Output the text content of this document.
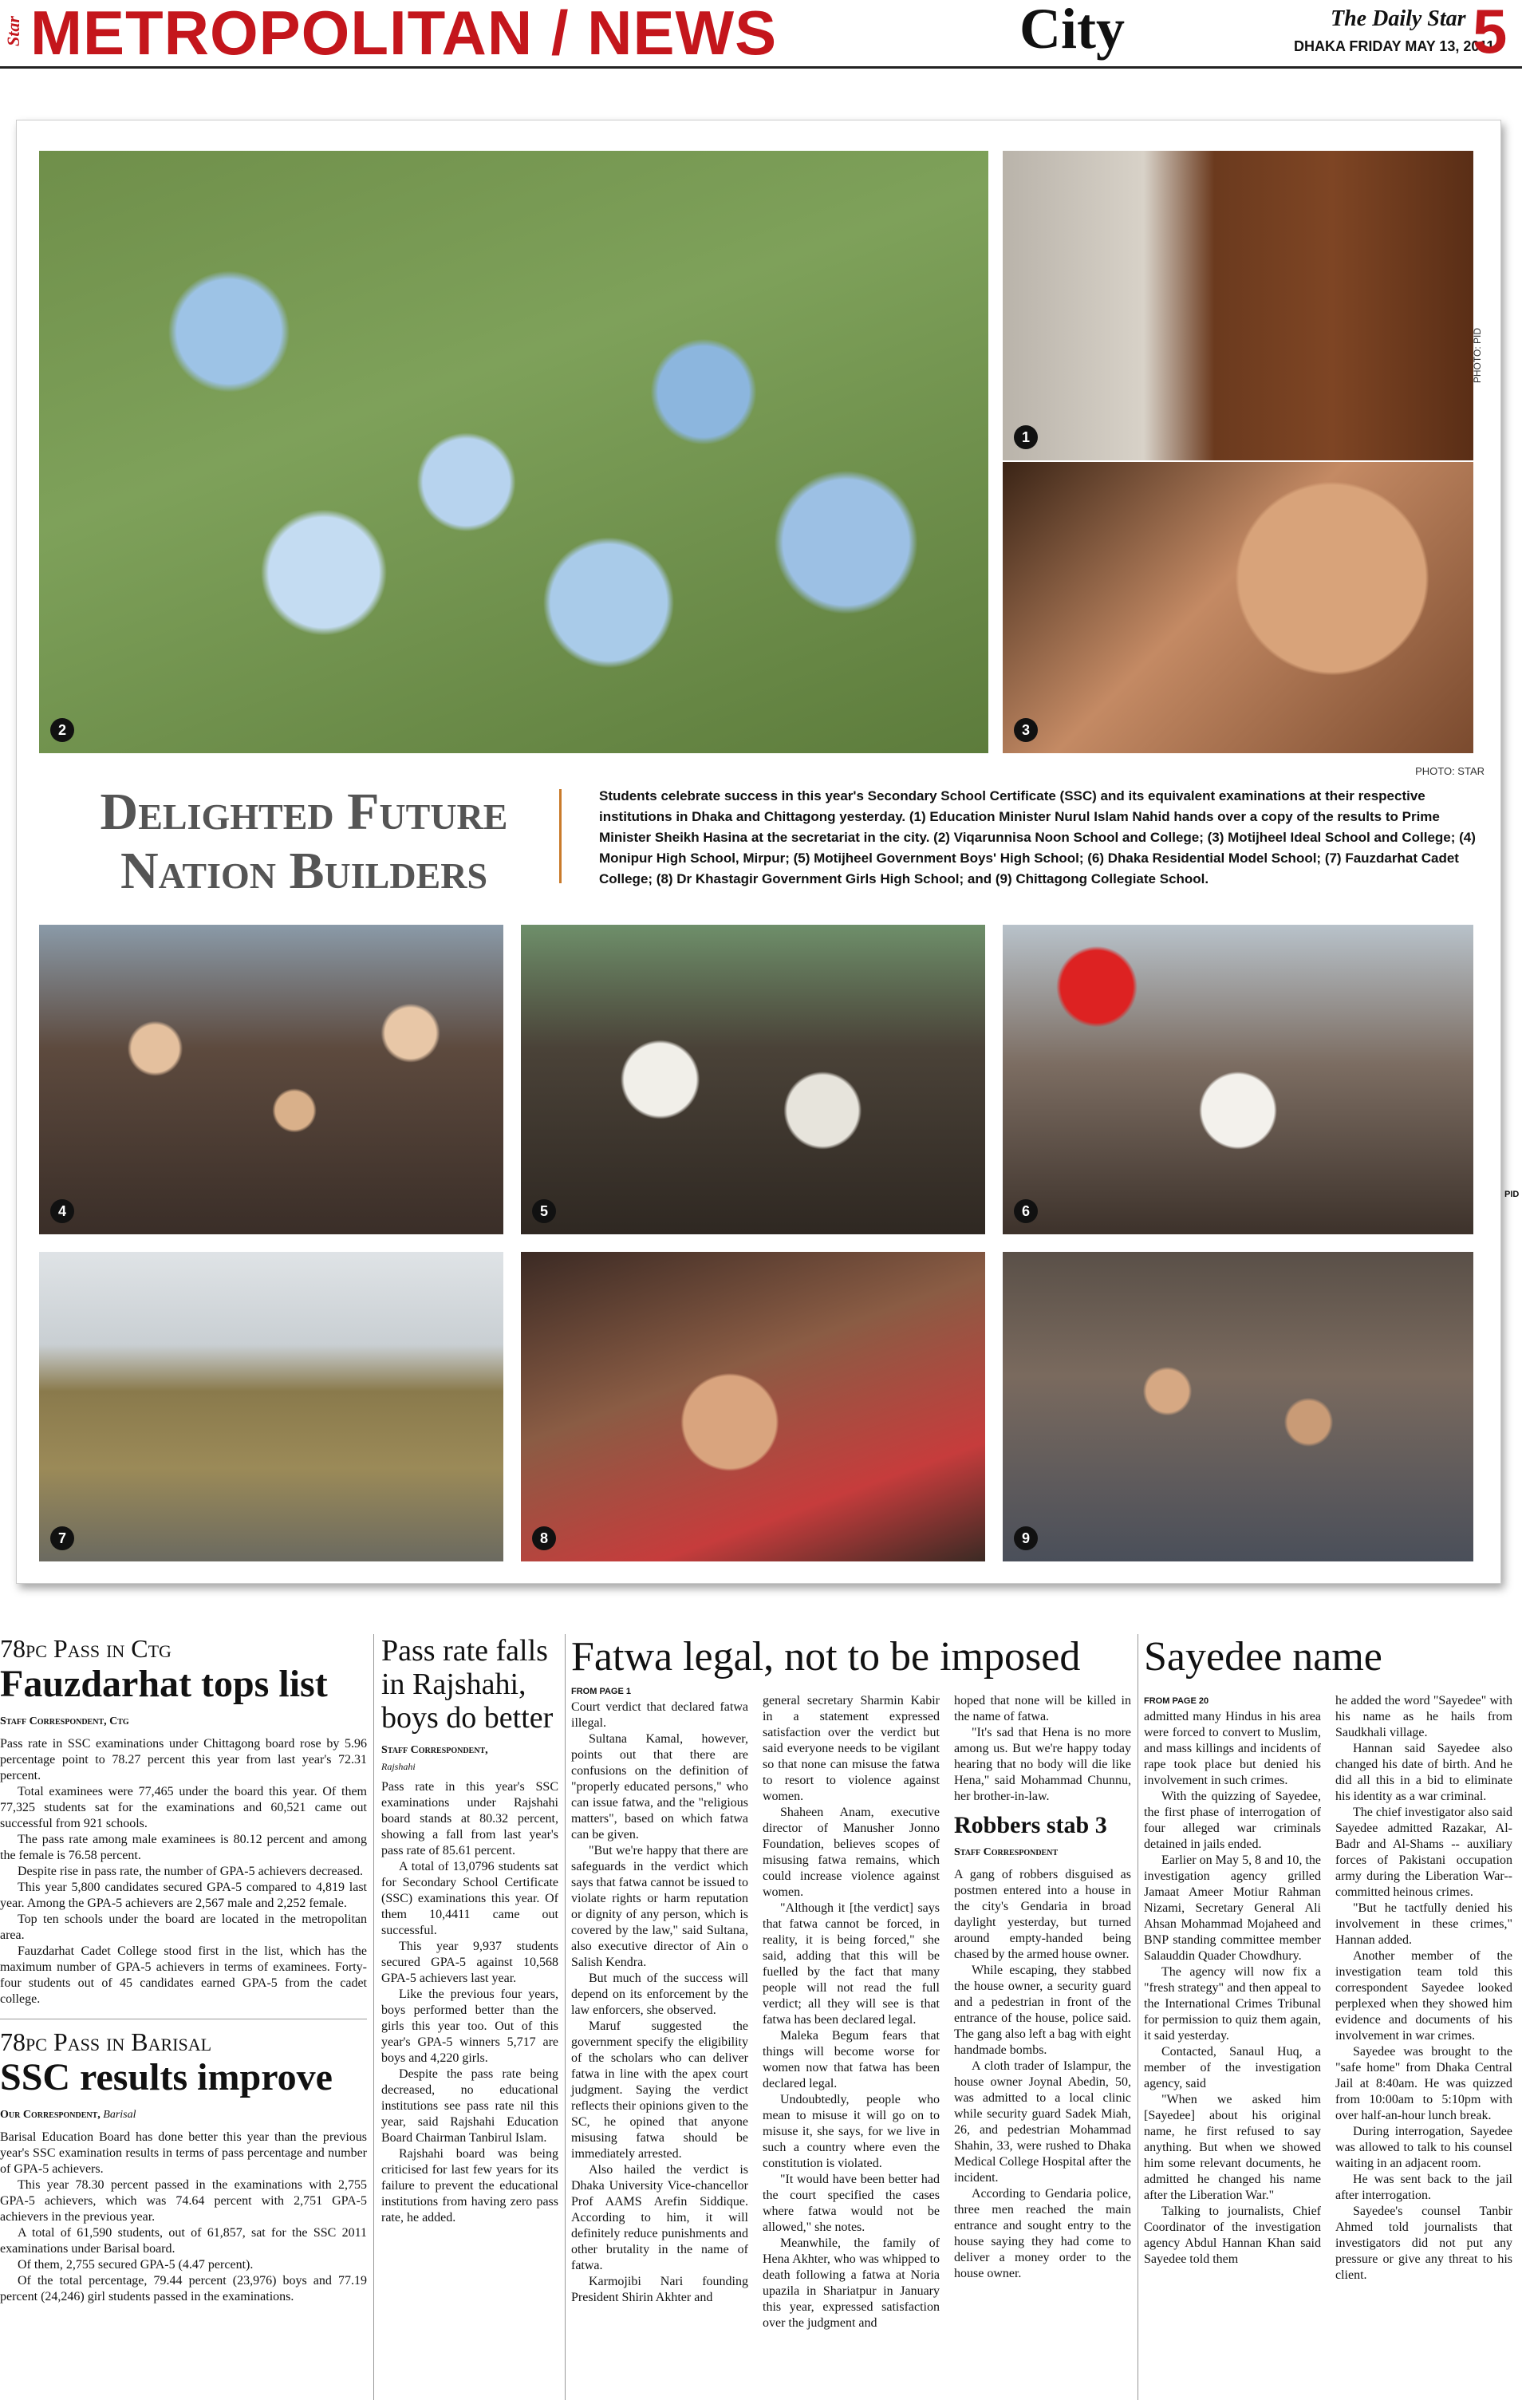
Star METROPOLITAN / NEWS	City	The Daily Star
DHAKA FRIDAY MAY 13, 2011
5
1
2	3
PHOTO: PID
PHOTO: STAR
Delighted Future
Nation Builders
Students celebrate success in this year's Secondary School Certificate (SSC) and its equivalent examinations at their respective institutions in Dhaka and Chittagong yesterday. (1) Education Minister Nurul Islam Nahid hands over a copy of the results to Prime Minister Sheikh Hasina at the secretariat in the city. (2) Viqarunnisa Noon School and College; (3) Motijheel Ideal School and College; (4) Monipur High School, Mirpur; (5) Motijheel Government Boys' High School; (6) Dhaka Residential Model School; (7) Fauzdarhat Cadet College; (8) Dr Khastagir Government Girls High School; and (9) Chittagong Collegiate School.
4	5	6
7	8	9
PID
78pc Pass in Ctg
Fauzdarhat tops list
Staff Correspondent, Ctg

Pass rate in SSC examinations under Chittagong board rose by 5.96 percentage point to 78.27 percent this year from last year's 72.31 percent.

Total examinees were 77,465 under the board this year. Of them 77,325 students sat for the examinations and 60,521 came out successful from 921 schools.

The pass rate among male examinees is 80.12 percent and among the female is 76.58 percent.

Despite rise in pass rate, the number of GPA-5 achievers decreased.

This year 5,800 candidates secured GPA-5 compared to 4,819 last year. Among the GPA-5 achievers are 2,567 male and 2,252 female.

Top ten schools under the board are located in the metropolitan area.

Fauzdarhat Cadet College stood first in the list, which has the maximum number of GPA-5 achievers in terms of examinees. Forty-four students out of 45 candidates earned GPA-5 from the cadet college.

78pc Pass in Barisal
SSC results improve
Our Correspondent, Barisal

Barisal Education Board has done better this year than the previous year's SSC examination results in terms of pass percentage and number of GPA-5 achievers.

This year 78.30 percent passed in the examinations with 2,755 GPA-5 achievers, which was 74.64 percent with 2,751 GPA-5 achievers in the previous year.

A total of 61,590 students, out of 61,857, sat for the SSC 2011 examinations under Barisal board.

Of them, 2,755 secured GPA-5 (4.47 percent).

Of the total percentage, 79.44 percent (23,976) boys and 77.19 percent (24,246) girl students passed in the examinations.

Pass rate falls in Rajshahi, boys do better
Staff Correspondent,
Rajshahi

Pass rate in this year's SSC examinations under Rajshahi board stands at 80.32 percent, showing a fall from last year's pass rate of 85.61 percent.

A total of 13,0796 students sat for Secondary School Certificate (SSC) examinations this year. Of them 10,4411 came out successful.

This year 9,937 students secured GPA-5 against 10,568 GPA-5 achievers last year.

Like the previous four years, boys performed better than the girls this year too. Out of this year's GPA-5 winners 5,717 are boys and 4,220 girls.

Despite the pass rate being decreased, no educational institutions see pass rate nil this year, said Rajshahi Education Board Chairman Tanbirul Islam.

Rajshahi board was being criticised for last few years for its failure to prevent the educational institutions from having zero pass rate, he added.

Fatwa legal, not to be imposed
FROM PAGE 1

Court verdict that declared fatwa illegal.

Sultana Kamal, however, points out that there are confusions on the definition of "properly educated persons," who can issue fatwa, and the "religious matters", based on which fatwa can be given.

"But we're happy that there are safeguards in the verdict which says that fatwa cannot be issued to violate rights or harm reputation or dignity of any person, which is covered by the law," said Sultana, also executive director of Ain o Salish Kendra.

But much of the success will depend on its enforcement by the law enforcers, she observed.

Maruf suggested the government specify the eligibility of the scholars who can deliver fatwa in line with the apex court judgment. Saying the verdict reflects their opinions given to the SC, he opined that anyone misusing fatwa should be immediately arrested.

Also hailed the verdict is Dhaka University Vice-chancellor Prof AAMS Arefin Siddique. According to him, it will definitely reduce punishments and other brutality in the name of fatwa.

Karmojibi Nari founding President Shirin Akhter and

general secretary Sharmin Kabir in a statement expressed satisfaction over the verdict but said everyone needs to be vigilant so that none can misuse the fatwa to resort to violence against women.

Shaheen Anam, executive director of Manusher Jonno Foundation, believes scopes of misusing fatwa remains, which could increase violence against women.

"Although it [the verdict] says that fatwa cannot be forced, in reality, it is being forced," she said, adding that this will be fuelled by the fact that many people will not read the full verdict; all they will see is that fatwa has been declared legal.

Maleka Begum fears that things will become worse for women now that fatwa has been declared legal.

Undoubtedly, people who mean to misuse it will go on to misuse it, she says, for we live in such a country where even the constitution is violated.

"It would have been better had the court specified the cases where fatwa would not be allowed," she notes.

Meanwhile, the family of Hena Akhter, who was whipped to death following a fatwa at Noria upazila in Shariatpur in January this year, expressed satisfaction over the judgment and

hoped that none will be killed in the name of fatwa.

"It's sad that Hena is no more among us. But we're happy today hearing that no body will die like Hena," said Mohammad Chunnu, her brother-in-law.

Robbers stab 3
Staff Correspondent

A gang of robbers disguised as postmen entered into a house in the city's Gendaria in broad daylight yesterday, but turned around empty-handed being chased by the armed house owner.

While escaping, they stabbed the house owner, a security guard and a pedestrian in front of the entrance of the house, police said. The gang also left a bag with eight handmade bombs.

A cloth trader of Islampur, the house owner Joynal Abedin, 50, was admitted to a local clinic while security guard Sadek Miah, 26, and pedestrian Mohammad Shahin, 33, were rushed to Dhaka Medical College Hospital after the incident.

According to Gendaria police, three men reached the main entrance and sought entry to the house saying they had come to deliver a money order to the house owner.

Sayedee name
FROM PAGE 20

admitted many Hindus in his area were forced to convert to Muslim, and mass killings and incidents of rape took place but denied his involvement in such crimes.

With the quizzing of Sayedee, the first phase of interrogation of four alleged war criminals detained in jails ended.

Earlier on May 5, 8 and 10, the investigation agency grilled Jamaat Ameer Motiur Rahman Nizami, Secretary General Ali Ahsan Mohammad Mojaheed and BNP standing committee member Salauddin Quader Chowdhury.

The agency will now fix a "fresh strategy" and then appeal to the International Crimes Tribunal for permission to quiz them again, it said yesterday.

Contacted, Sanaul Huq, a member of the investigation agency, said

"When we asked him [Sayedee] about his original name, he first refused to say anything. But when we showed him some relevant documents, he admitted he changed his name after the Liberation War."

Talking to journalists, Chief Coordinator of the investigation agency Abdul Hannan Khan said Sayedee told them

he added the word "Sayedee" with his name as he hails from Saudkhali village.

Hannan said Sayedee also changed his date of birth. And he did all this in a bid to eliminate his identity as a war criminal.

The chief investigator also said Sayedee admitted Razakar, Al-Badr and Al-Shams -- auxiliary forces of Pakistani occupation army during the Liberation War--committed heinous crimes.

"But he tactfully denied his involvement in these crimes," Hannan added.

Another member of the investigation team told this correspondent Sayedee looked perplexed when they showed him evidence and documents of his involvement in war crimes.

Sayedee was brought to the "safe home" from Dhaka Central Jail at 8:40am. He was quizzed from 10:00am to 5:10pm with over half-an-hour lunch break.

During interrogation, Sayedee was allowed to talk to his counsel waiting in an adjacent room.

He was sent back to the jail after interrogation.

Sayedee's counsel Tanbir Ahmed told journalists that investigators did not put any pressure or give any threat to his client.
